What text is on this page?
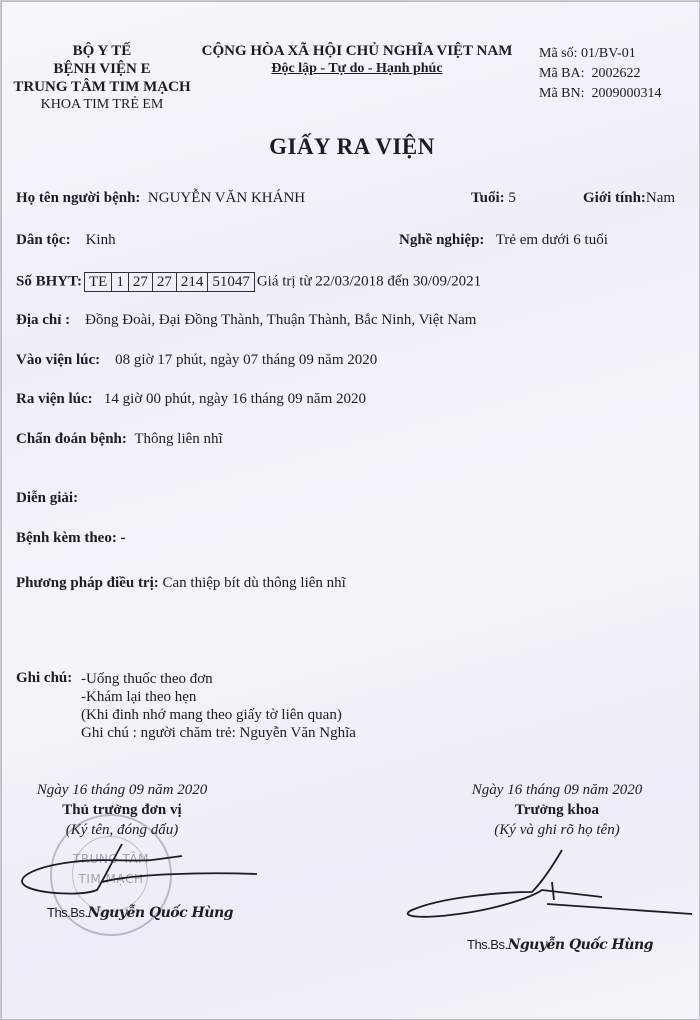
BỘ Y TẾ
BỆNH VIỆN E
TRUNG TÂM TIM MẠCH
KHOA TIM TRẺ EM
CỘNG HÒA XÃ HỘI CHỦ NGHĨA VIỆT NAM
Độc lập - Tự do - Hạnh phúc
Mã số: 01/BV-01
Mã BA: 2002622
Mã BN: 2009000314
GIẤY RA VIỆN
Họ tên người bệnh: NGUYỄN VĂN KHÁNH	Tuổi: 5	Giới tính:Nam
Dân tộc: Kinh	Nghề nghiệp: Trẻ em dưới 6 tuổi
Số BHYT: TE 1 27 27 214 51047 Giá trị từ 22/03/2018 đến 30/09/2021
Địa chỉ : Đồng Đoài, Đại Đồng Thành, Thuận Thành, Bắc Ninh, Việt Nam
Vào viện lúc: 08 giờ 17 phút, ngày 07 tháng 09 năm 2020
Ra viện lúc: 14 giờ 00 phút, ngày 16 tháng 09 năm 2020
Chẩn đoán bệnh: Thông liên nhĩ
Diễn giải:
Bệnh kèm theo: -
Phương pháp điều trị: Can thiệp bít dù thông liên nhĩ
Ghi chú: -Uống thuốc theo đơn
-Khám lại theo hẹn
(Khi đinh nhớ mang theo giấy tờ liên quan)
Ghi chú : người chăm trẻ: Nguyễn Văn Nghĩa
TRUNG TÂM
TIM MẠCH
Ngày 16 tháng 09 năm 2020
Thủ trưởng đơn vị
(Ký tên, đóng dấu)
Ths.Bs.Nguyễn Quốc Hùng
Ngày 16 tháng 09 năm 2020
Trưởng khoa
(Ký và ghi rõ họ tên)
Ths.Bs.Nguyễn Quốc Hùng
